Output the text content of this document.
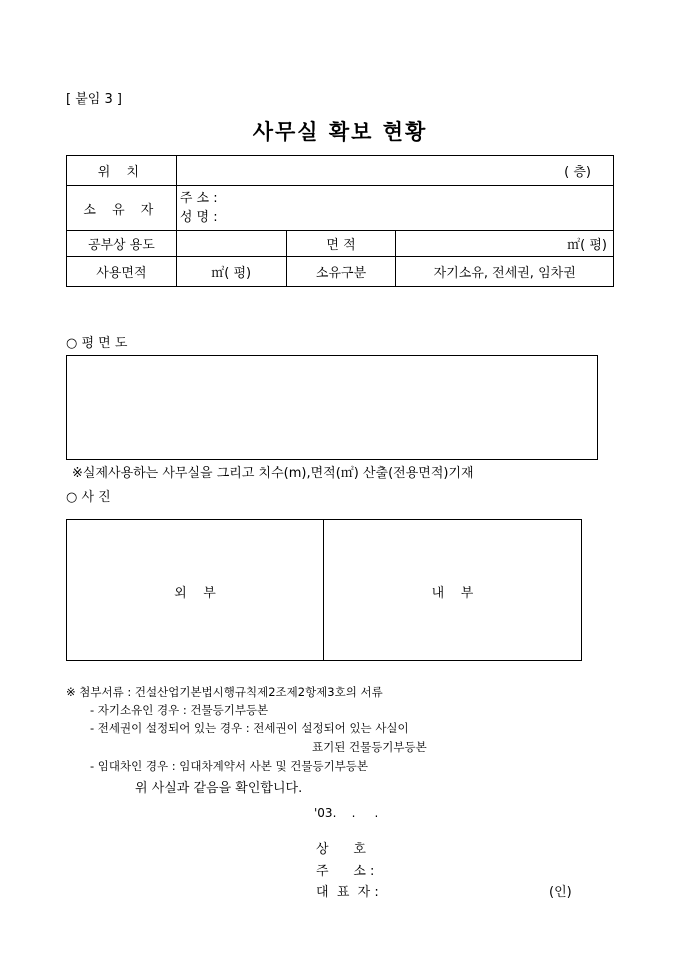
[ 붙임 3 ]
사무실 확보 현황
위 치	( 층)		
소 유 자	주 소 :
성 명 :		

공부상 용도		면 적	㎡( 평)
사용면적	㎡( 평)	소유구분	자기소유, 전세권, 임차권
○ 평 면 도
※실제사용하는 사무실을 그리고 치수(m),면적(㎡) 산출(전용면적)기재
○ 사 진
외    부	내    부
※ 첨부서류 : 건설산업기본법시행규칙제2조제2항제3호의 서류
- 자기소유인 경우 : 건물등기부등본
- 전세권이 설정되어 있는 경우 : 전세권이 설정되어 있는 사실이
표기된 건물등기부등본
- 임대차인 경우 : 임대차계약서 사본 및 건물등기부등본
위 사실과 같음을 확인합니다.
'03.    .     .
상      호
주      소 :
대  표  자 :	(인)
